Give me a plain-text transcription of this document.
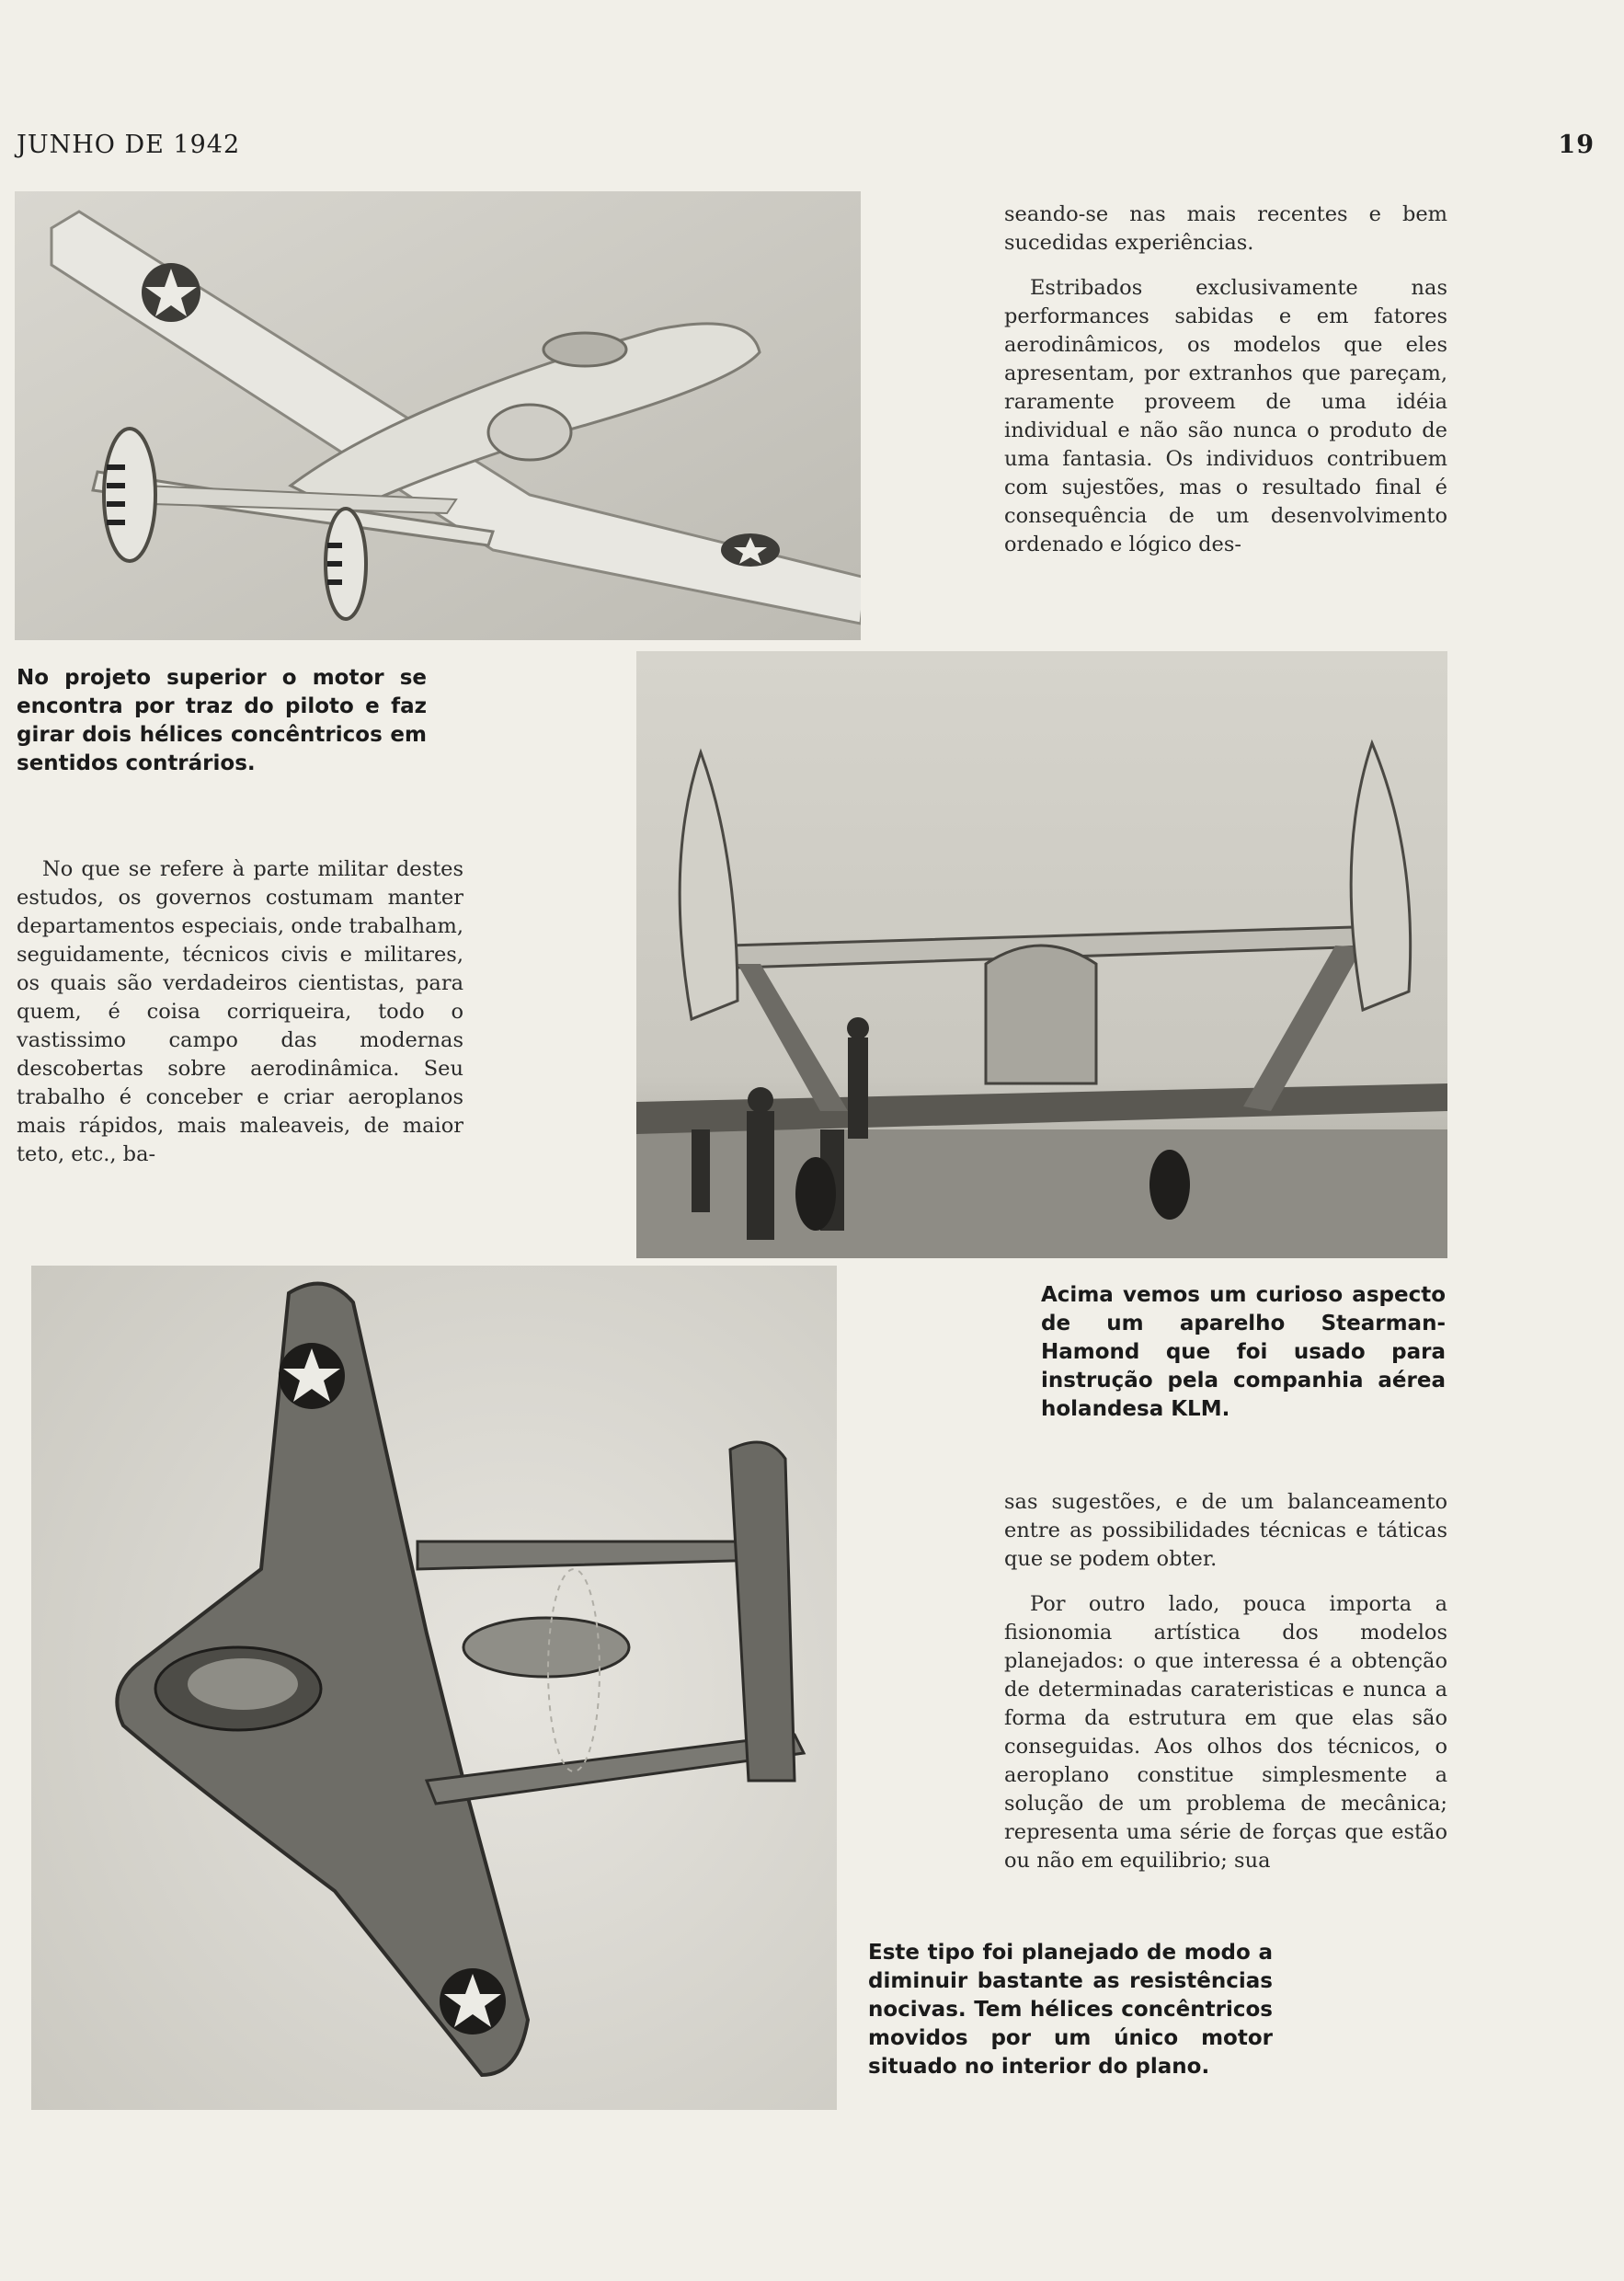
JUNHO DE 1942	19

seando-se nas mais recentes e bem sucedidas experiências.

Estribados exclusivamente nas performances sabidas e em fatores aerodinâmicos, os modelos que eles apresentam, por extranhos que pareçam, raramente proveem de uma idéia individual e não são nunca o produto de uma fantasia. Os individuos contribuem com sujestões, mas o resultado final é consequência de um desenvolvimento ordenado e lógico des-

No projeto superior o motor se encontra por traz do piloto e faz girar dois hélices concêntricos em sentidos contrários.

No que se refere à parte militar destes estudos, os governos costumam manter departamentos especiais, onde trabalham, seguidamente, técnicos civis e militares, os quais são verdadeiros cientistas, para quem, é coisa corriqueira, todo o vastissimo campo das modernas descobertas sobre aerodinâmica. Seu trabalho é conceber e criar aeroplanos mais rápidos, mais maleaveis, de maior teto, etc., ba-

Acima vemos um curioso aspecto de um aparelho Stearman-Hamond que foi usado para instrução pela companhia aérea holandesa KLM.

sas sugestões, e de um balanceamento entre as possibilidades técnicas e táticas que se podem obter.

Por outro lado, pouca importa a fisionomia artística dos modelos planejados: o que interessa é a obtenção de determinadas carateristicas e nunca a forma da estrutura em que elas são conseguidas. Aos olhos dos técnicos, o aeroplano constitue simplesmente a solução de um problema de mecânica; representa uma série de forças que estão ou não em equilibrio; sua

Este tipo foi planejado de modo a diminuir bastante as resistências nocivas. Tem hélices concêntricos movidos por um único motor situado no interior do plano.
